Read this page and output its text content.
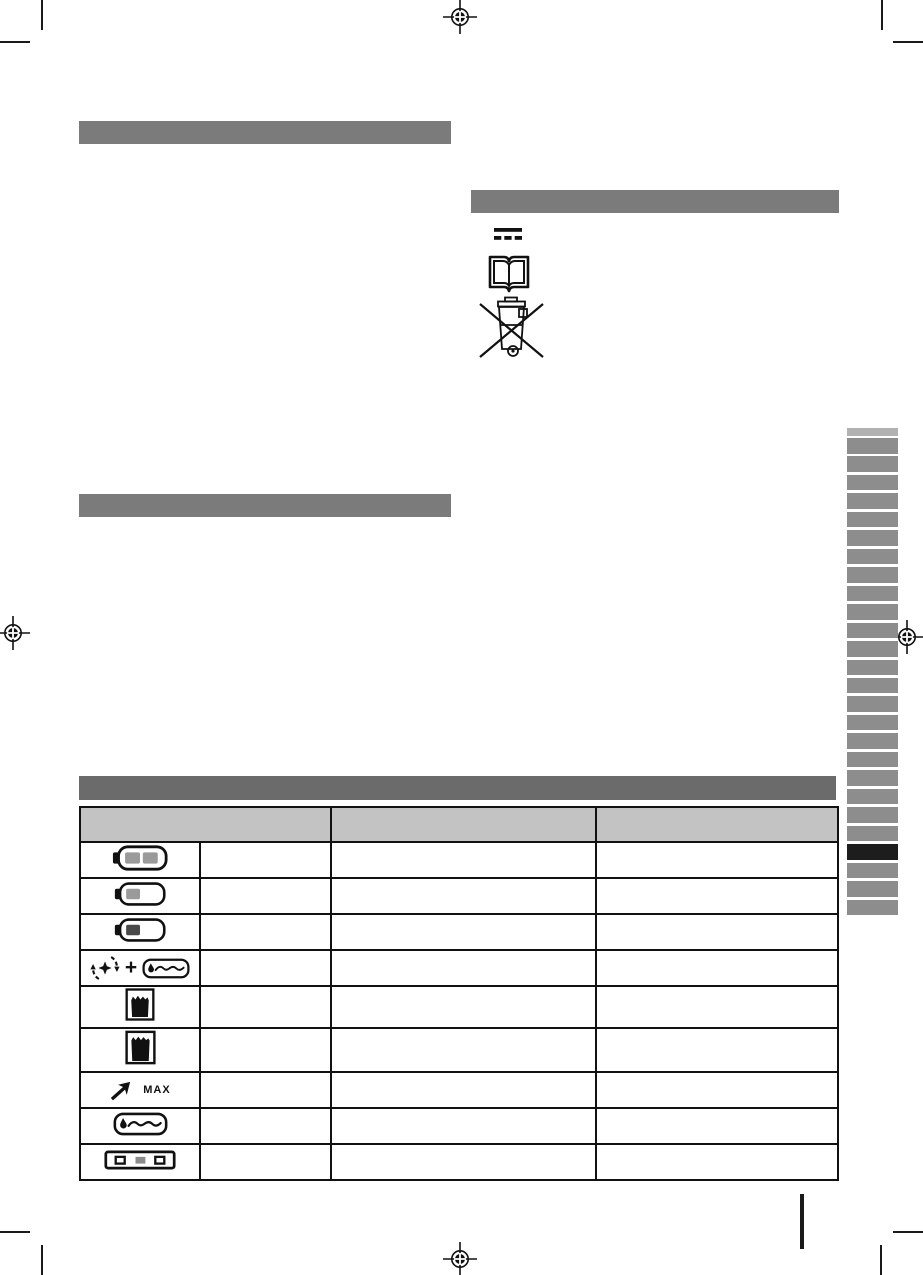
+			

MAX			
